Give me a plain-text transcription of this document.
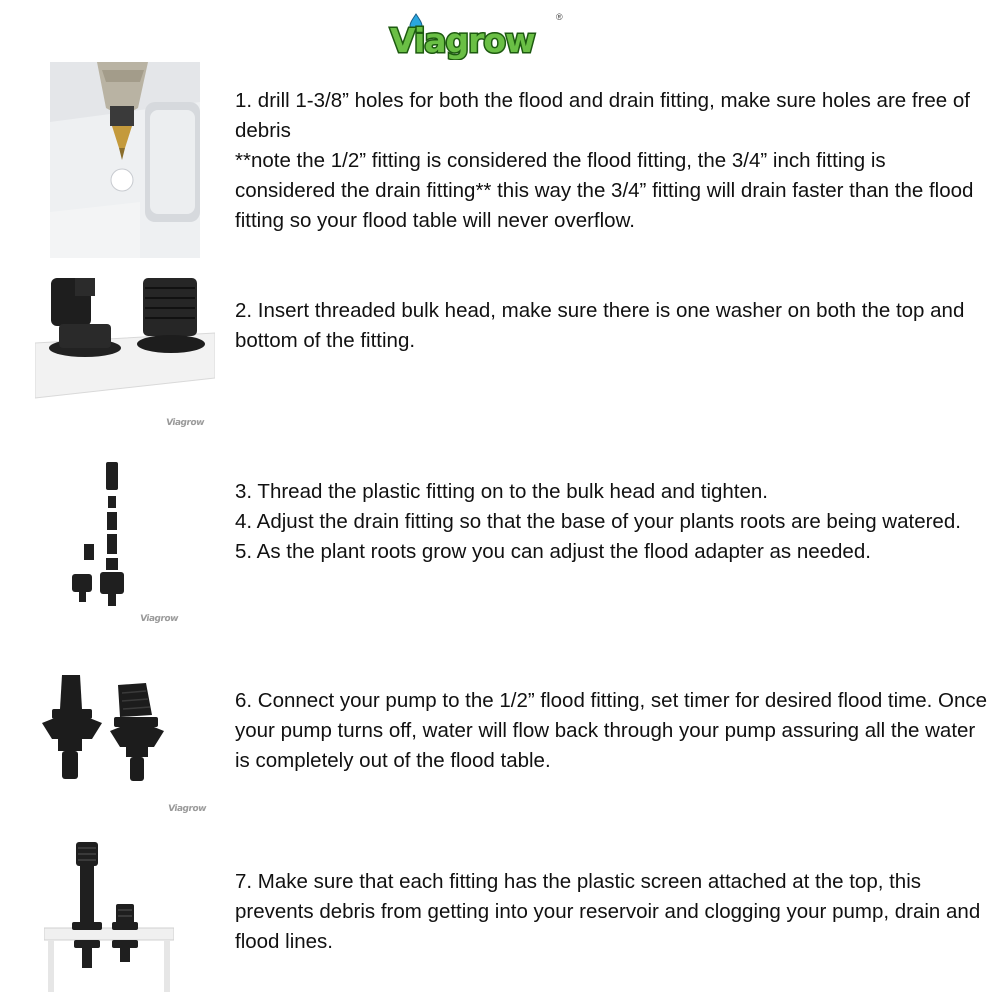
Viagrow
®
Viagrow
Viagrow
Viagrow

1. drill 1-3/8” holes for both the flood and drain fitting, make sure holes are free of debris

**note the 1/2” fitting is considered the flood fitting, the 3/4” inch fitting is considered the drain fitting** this way the 3/4” fitting will drain faster than the flood fitting so your flood table will never overflow.

2. Insert threaded bulk head, make sure there is one washer on both the top and bottom of the fitting.

3. Thread the plastic fitting on to the bulk head and tighten.

4. Adjust the drain fitting so that the base of your plants roots are being watered.

5. As the plant roots grow you can adjust the flood adapter as needed.

6. Connect your pump to the 1/2” flood fitting, set timer for desired flood time. Once your pump turns off, water will flow back through your pump assuring all the water is completely out of the flood table.

7. Make sure that each fitting has the plastic screen attached at the top, this prevents debris from getting into your reservoir and clogging your pump, drain and flood lines.
